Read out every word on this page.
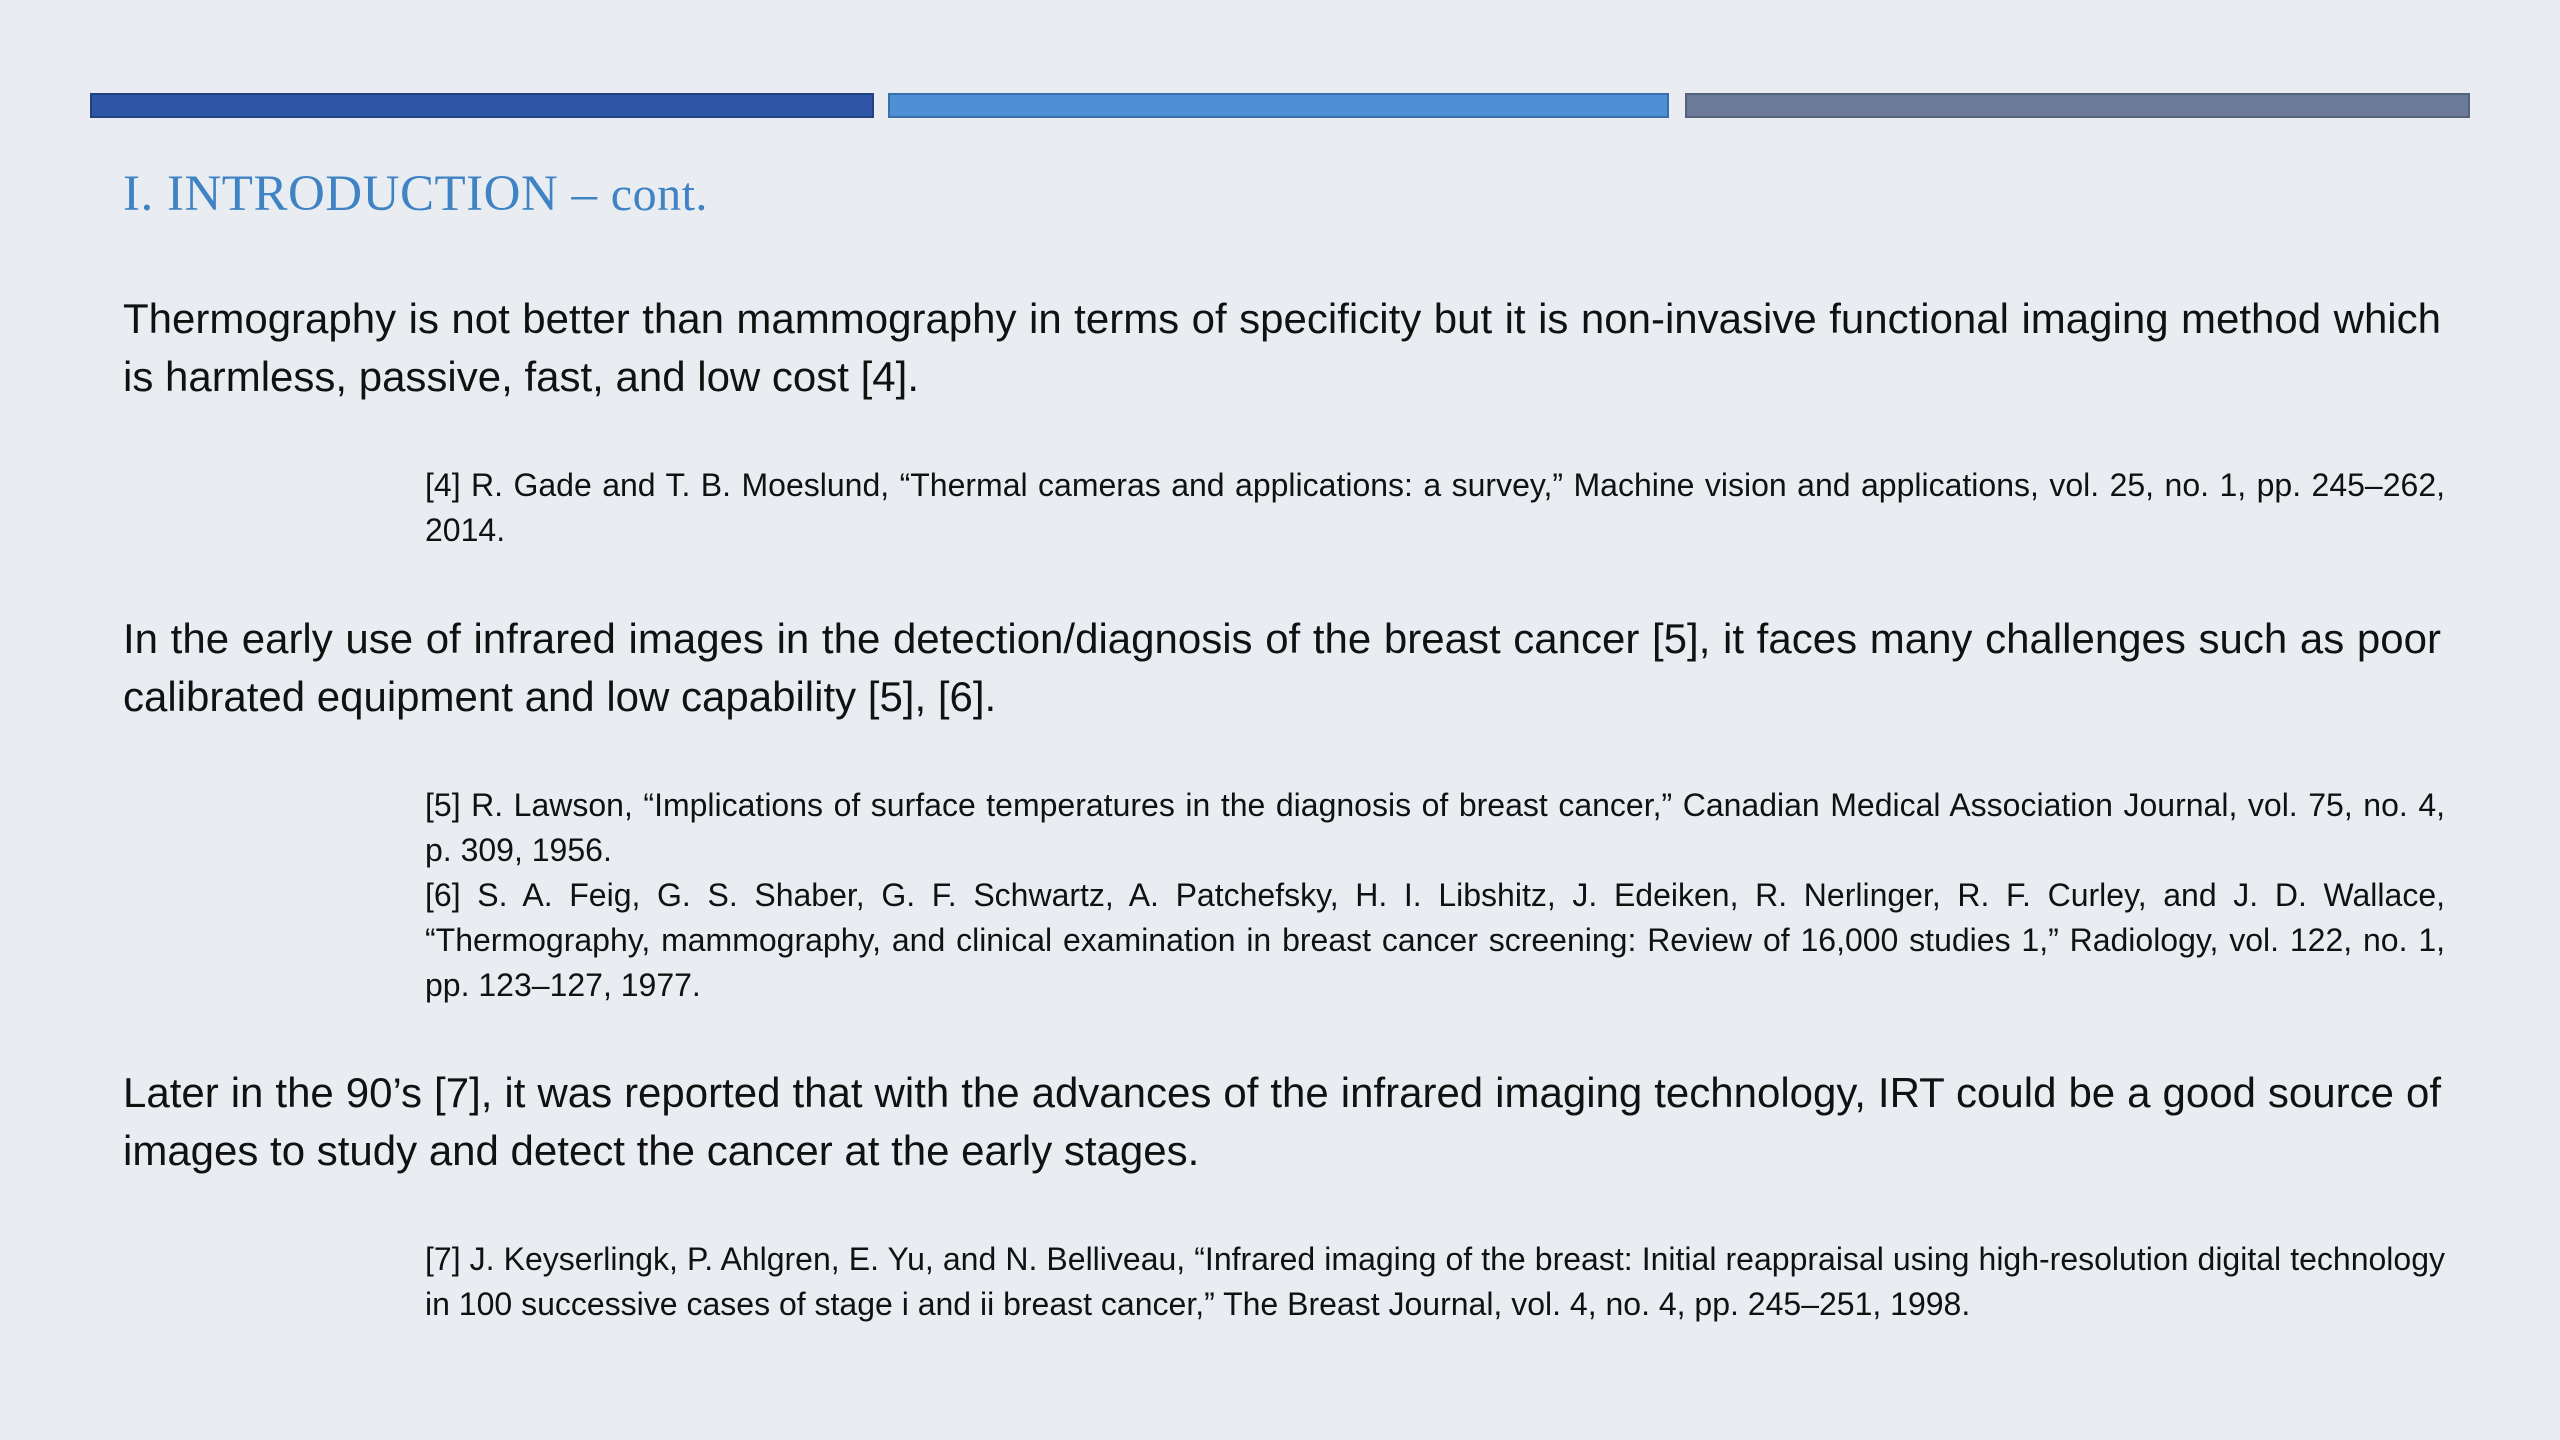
I. INTRODUCTION – cont.
Thermography is not better than mammography in terms of specificity but it is non-invasive functional imaging method which is harmless, passive, fast, and low cost [4].

[4] R. Gade and T. B. Moeslund, “Thermal cameras and applications: a survey,” Machine vision and applications, vol. 25, no. 1, pp. 245–262, 2014.

In the early use of infrared images in the detection/diagnosis of the breast cancer [5], it faces many challenges such as poor calibrated equipment and low capability [5], [6].

[5] R. Lawson, “Implications of surface temperatures in the diagnosis of breast cancer,” Canadian Medical Association Journal, vol. 75, no. 4, p. 309, 1956.

[6] S. A. Feig, G. S. Shaber, G. F. Schwartz, A. Patchefsky, H. I. Libshitz, J. Edeiken, R. Nerlinger, R. F. Curley, and J. D. Wallace, “Thermography, mammography, and clinical examination in breast cancer screening: Review of 16,000 studies 1,” Radiology, vol. 122, no. 1, pp. 123–127, 1977.

Later in the 90’s [7], it was reported that with the advances of the infrared imaging technology, IRT could be a good source of images to study and detect the cancer at the early stages.

[7] J. Keyserlingk, P. Ahlgren, E. Yu, and N. Belliveau, “Infrared imaging of the breast: Initial reappraisal using high-resolution digital technology in 100 successive cases of stage i and ii breast cancer,” The Breast Journal, vol. 4, no. 4, pp. 245–251, 1998.
